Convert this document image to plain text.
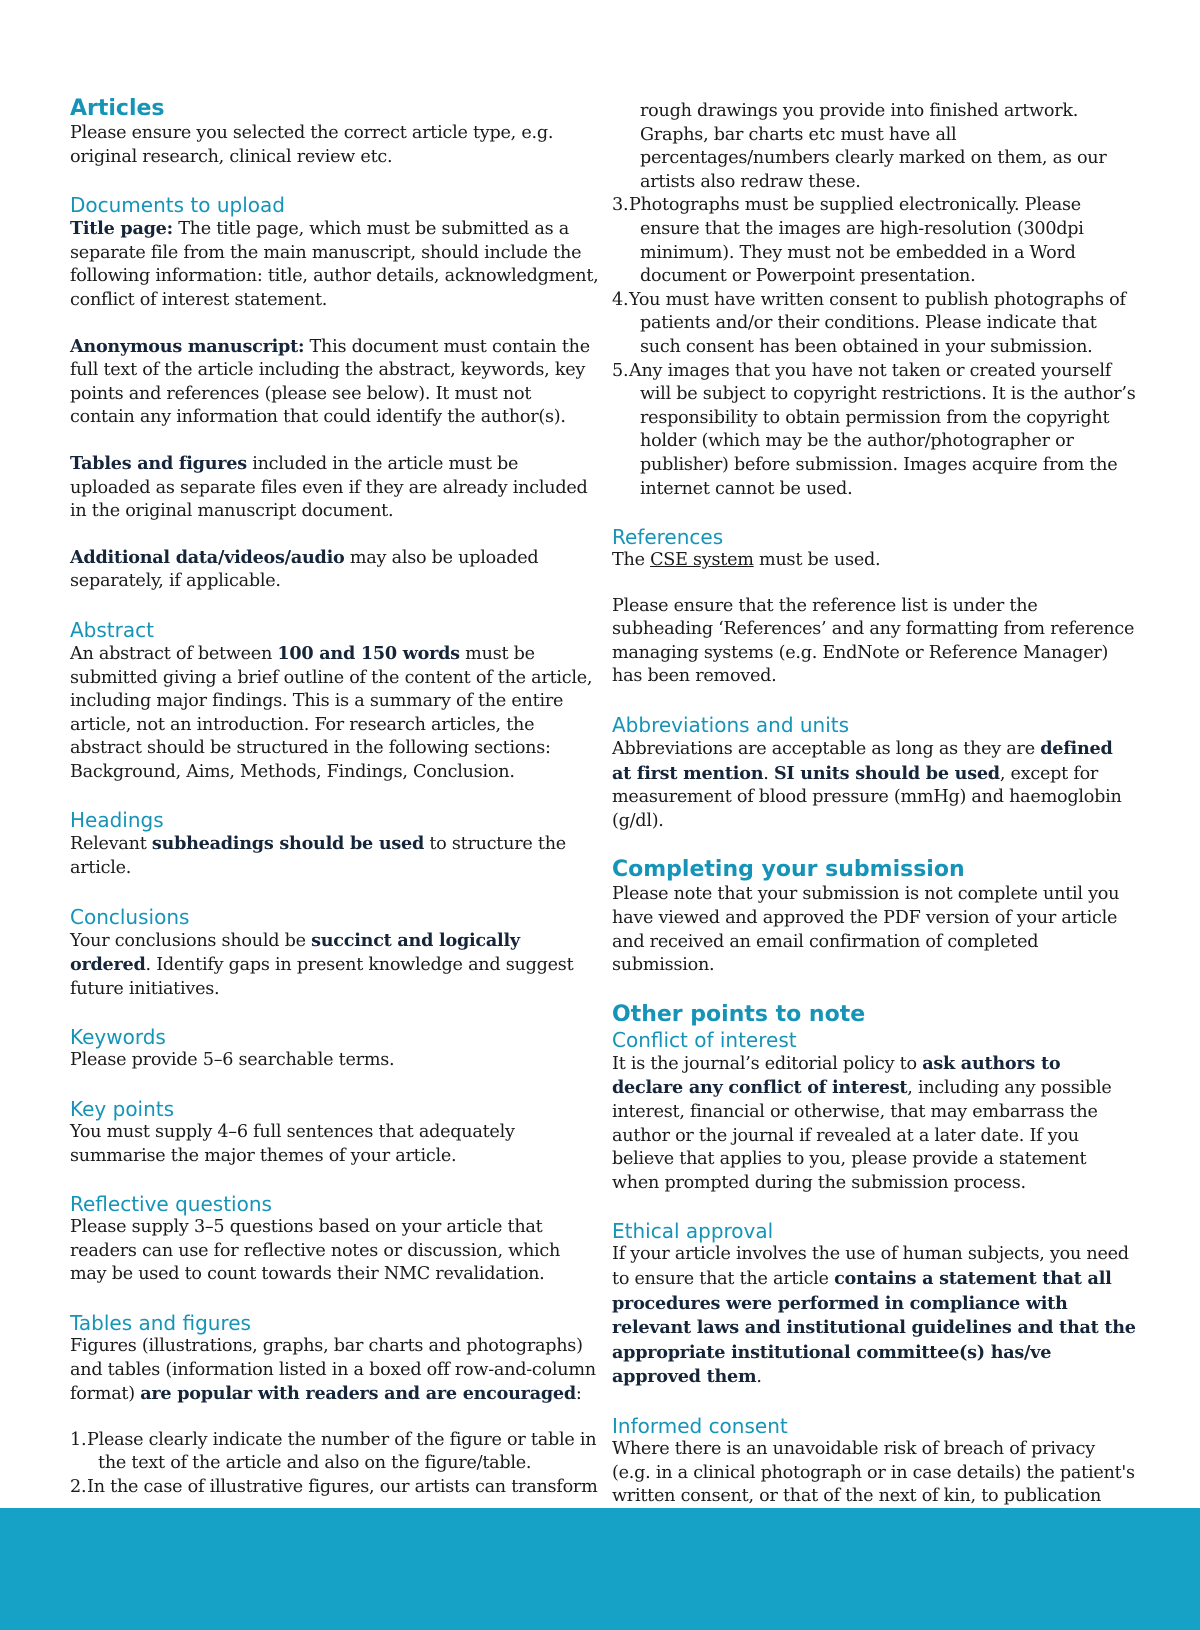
Articles

Please ensure you selected the correct article type, e.g. original research, clinical review etc.

Documents to upload

Title page: The title page, which must be submitted as a separate file from the main manuscript, should include the following information: title, author details, acknowledgment, conflict of interest statement.

Anonymous manuscript: This document must contain the full text of the article including the abstract, keywords, key points and references (please see below). It must not contain any information that could identify the author(s).

Tables and figures included in the article must be uploaded as separate files even if they are already included in the original manuscript document.

Additional data/videos/audio may also be uploaded separately, if applicable.

Abstract

An abstract of between 100 and 150 words must be submitted giving a brief outline of the content of the article, including major findings. This is a summary of the entire article, not an introduction. For research articles, the abstract should be structured in the following sections: Background, Aims, Methods, Findings, Conclusion.

Headings

Relevant subheadings should be used to structure the article.

Conclusions

Your conclusions should be succinct and logically ordered. Identify gaps in present knowledge and suggest future initiatives.

Keywords

Please provide 5–6 searchable terms.

Key points

You must supply 4–6 full sentences that adequately summarise the major themes of your article.

Reflective questions

Please supply 3–5 questions based on your article that readers can use for reflective notes or discussion, which may be used to count towards their NMC revalidation.

Tables and figures

Figures (illustrations, graphs, bar charts and photographs) and tables (information listed in a boxed off row-and-column format) are popular with readers and are encouraged:

1.Please clearly indicate the number of the figure or table in the text of the article and also on the figure/table.
2.In the case of illustrative figures, our artists can transform
rough drawings you provide into finished artwork. Graphs, bar charts etc must have all percentages/numbers clearly marked on them, as our artists also redraw these.
3.Photographs must be supplied electronically. Please ensure that the images are high-resolution (300dpi minimum). They must not be embedded in a Word document or Powerpoint presentation.
4.You must have written consent to publish photographs of patients and/or their conditions. Please indicate that such consent has been obtained in your submission.
5.Any images that you have not taken or created yourself will be subject to copyright restrictions. It is the author’s responsibility to obtain permission from the copyright holder (which may be the author/photographer or publisher) before submission. Images acquire from the internet cannot be used.
References

The CSE system must be used.

Please ensure that the reference list is under the subheading ‘References’ and any formatting from reference managing systems (e.g. EndNote or Reference Manager) has been removed.

Abbreviations and units

Abbreviations are acceptable as long as they are defined at first mention. SI units should be used, except for measurement of blood pressure (mmHg) and haemoglobin (g/dl).

Completing your submission

Please note that your submission is not complete until you have viewed and approved the PDF version of your article and received an email confirmation of completed submission.

Other points to note
Conflict of interest

It is the journal’s editorial policy to ask authors to declare any conflict of interest, including any possible interest, financial or otherwise, that may embarrass the author or the journal if revealed at a later date. If you believe that applies to you, please provide a statement when prompted during the submission process.

Ethical approval

If your article involves the use of human subjects, you need to ensure that the article contains a statement that all procedures were performed in compliance with relevant laws and institutional guidelines and that the appropriate institutional committee(s) has/ve approved them.

Informed consent

Where there is an unavoidable risk of breach of privacy (e.g. in a clinical photograph or in case details) the patient's written consent, or that of the next of kin, to publication
